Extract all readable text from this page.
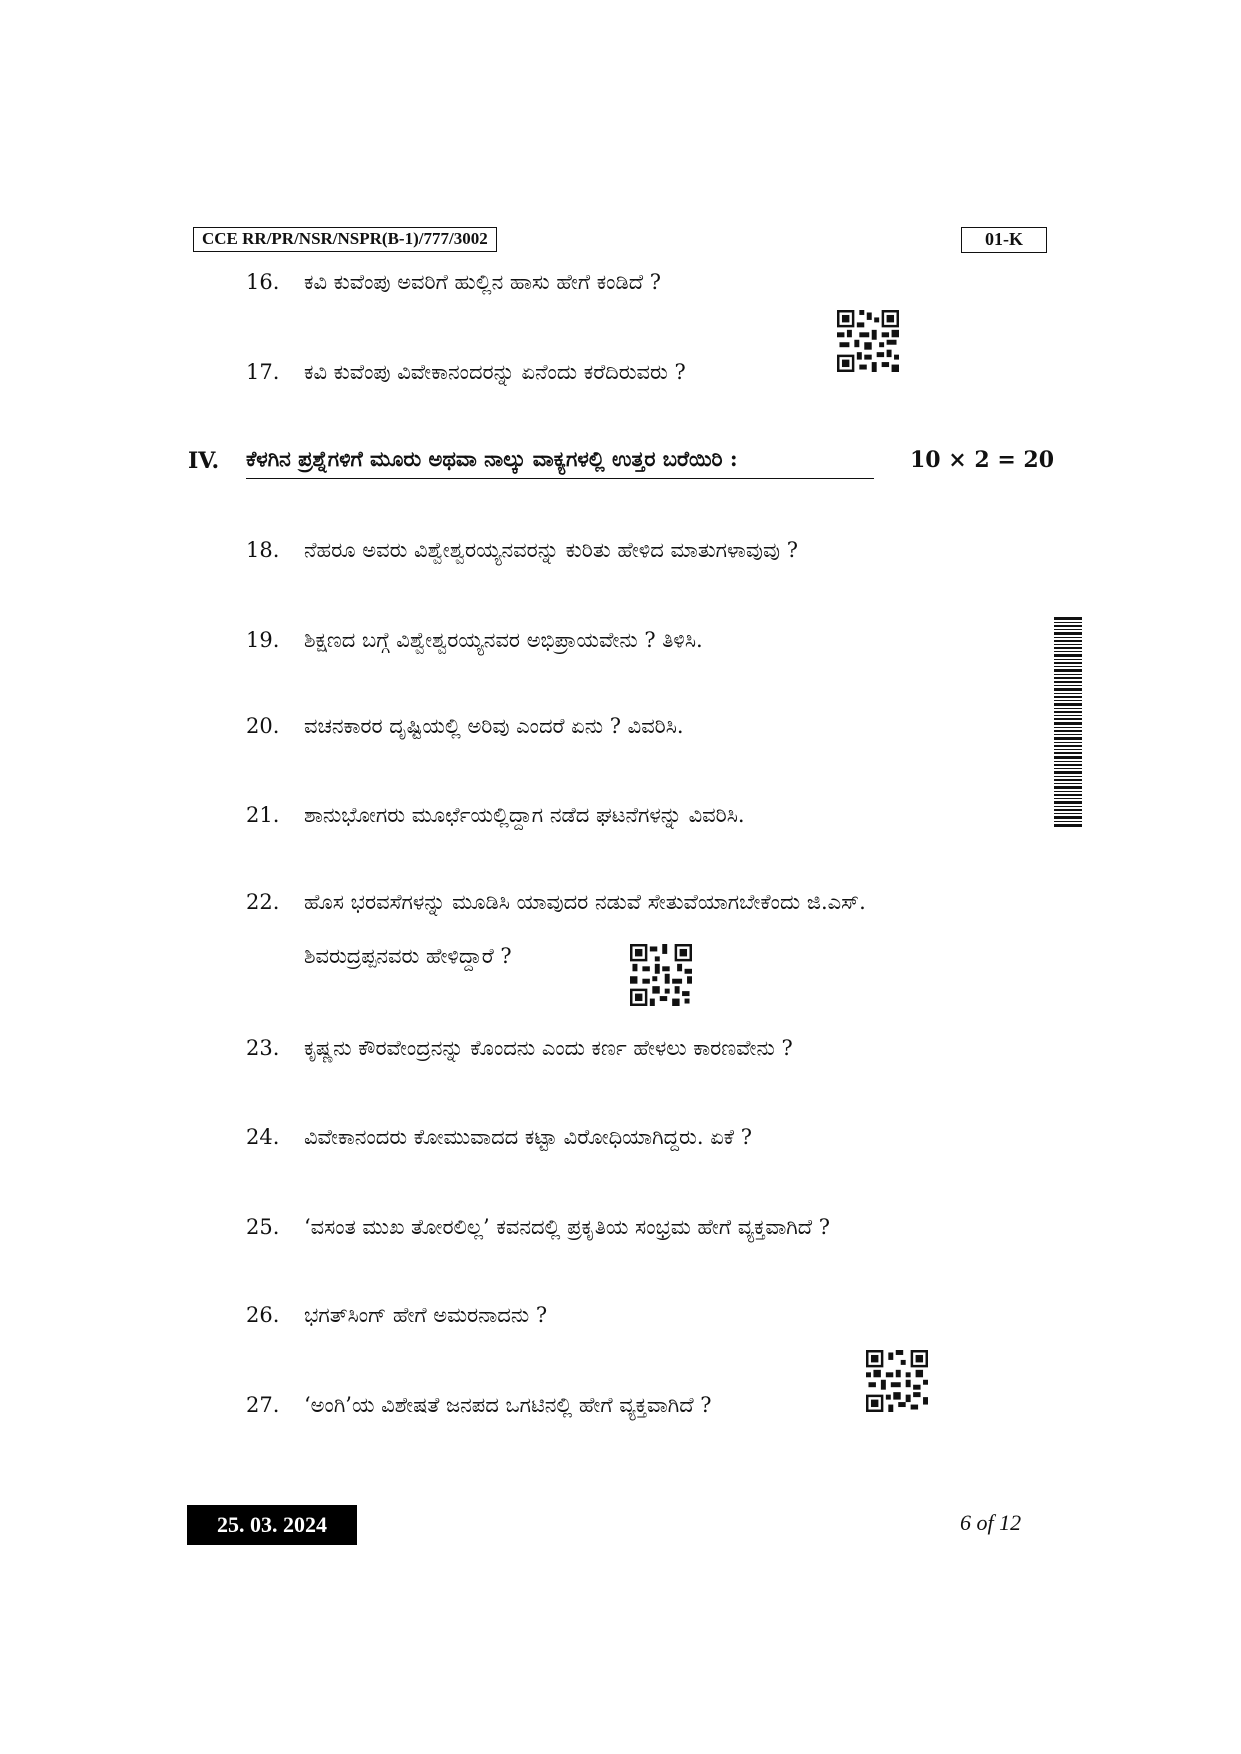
CCE RR/PR/NSR/NSPR(B-1)/777/3002	01-K
16. ಕವಿ ಕುವೆಂಪು ಅವರಿಗೆ ಹುಲ್ಲಿನ ಹಾಸು ಹೇಗೆ ಕಂಡಿದೆ ?
17. ಕವಿ ಕುವೆಂಪು ವಿವೇಕಾನಂದರನ್ನು ಏನೆಂದು ಕರೆದಿರುವರು ?
IV. ಕೆಳಗಿನ ಪ್ರಶ್ನೆಗಳಿಗೆ ಮೂರು ಅಥವಾ ನಾಲ್ಕು ವಾಕ್ಯಗಳಲ್ಲಿ ಉತ್ತರ ಬರೆಯಿರಿ :	10 × 2 = 20
18. ನೆಹರೂ ಅವರು ವಿಶ್ವೇಶ್ವರಯ್ಯನವರನ್ನು ಕುರಿತು ಹೇಳಿದ ಮಾತುಗಳಾವುವು ?
19. ಶಿಕ್ಷಣದ ಬಗ್ಗೆ ವಿಶ್ವೇಶ್ವರಯ್ಯನವರ ಅಭಿಪ್ರಾಯವೇನು ? ತಿಳಿಸಿ.
20. ವಚನಕಾರರ ದೃಷ್ಟಿಯಲ್ಲಿ ಅರಿವು ಎಂದರೆ ಏನು ? ವಿವರಿಸಿ.
21. ಶಾನುಭೋಗರು ಮೂರ್ಛೆಯಲ್ಲಿದ್ದಾಗ ನಡೆದ ಘಟನೆಗಳನ್ನು ವಿವರಿಸಿ.
22. ಹೊಸ ಭರವಸೆಗಳನ್ನು ಮೂಡಿಸಿ ಯಾವುದರ ನಡುವೆ ಸೇತುವೆಯಾಗಬೇಕೆಂದು ಜಿ.ಎಸ್.
ಶಿವರುದ್ರಪ್ಪನವರು ಹೇಳಿದ್ದಾರೆ ?
23. ಕೃಷ್ಣನು ಕೌರವೇಂದ್ರನನ್ನು ಕೊಂದನು ಎಂದು ಕರ್ಣ ಹೇಳಲು ಕಾರಣವೇನು ?
24. ವಿವೇಕಾನಂದರು ಕೋಮುವಾದದ ಕಟ್ಟಾ ವಿರೋಧಿಯಾಗಿದ್ದರು. ಏಕೆ ?
25. ‘ವಸಂತ ಮುಖ ತೋರಲಿಲ್ಲ’ ಕವನದಲ್ಲಿ ಪ್ರಕೃತಿಯ ಸಂಭ್ರಮ ಹೇಗೆ ವ್ಯಕ್ತವಾಗಿದೆ ?
26. ಭಗತ್‌ಸಿಂಗ್ ಹೇಗೆ ಅಮರನಾದನು ?
27. ‘ಅಂಗಿ’ಯ ವಿಶೇಷತೆ ಜನಪದ ಒಗಟಿನಲ್ಲಿ ಹೇಗೆ ವ್ಯಕ್ತವಾಗಿದೆ ?
25. 03. 2024	6 of 12
